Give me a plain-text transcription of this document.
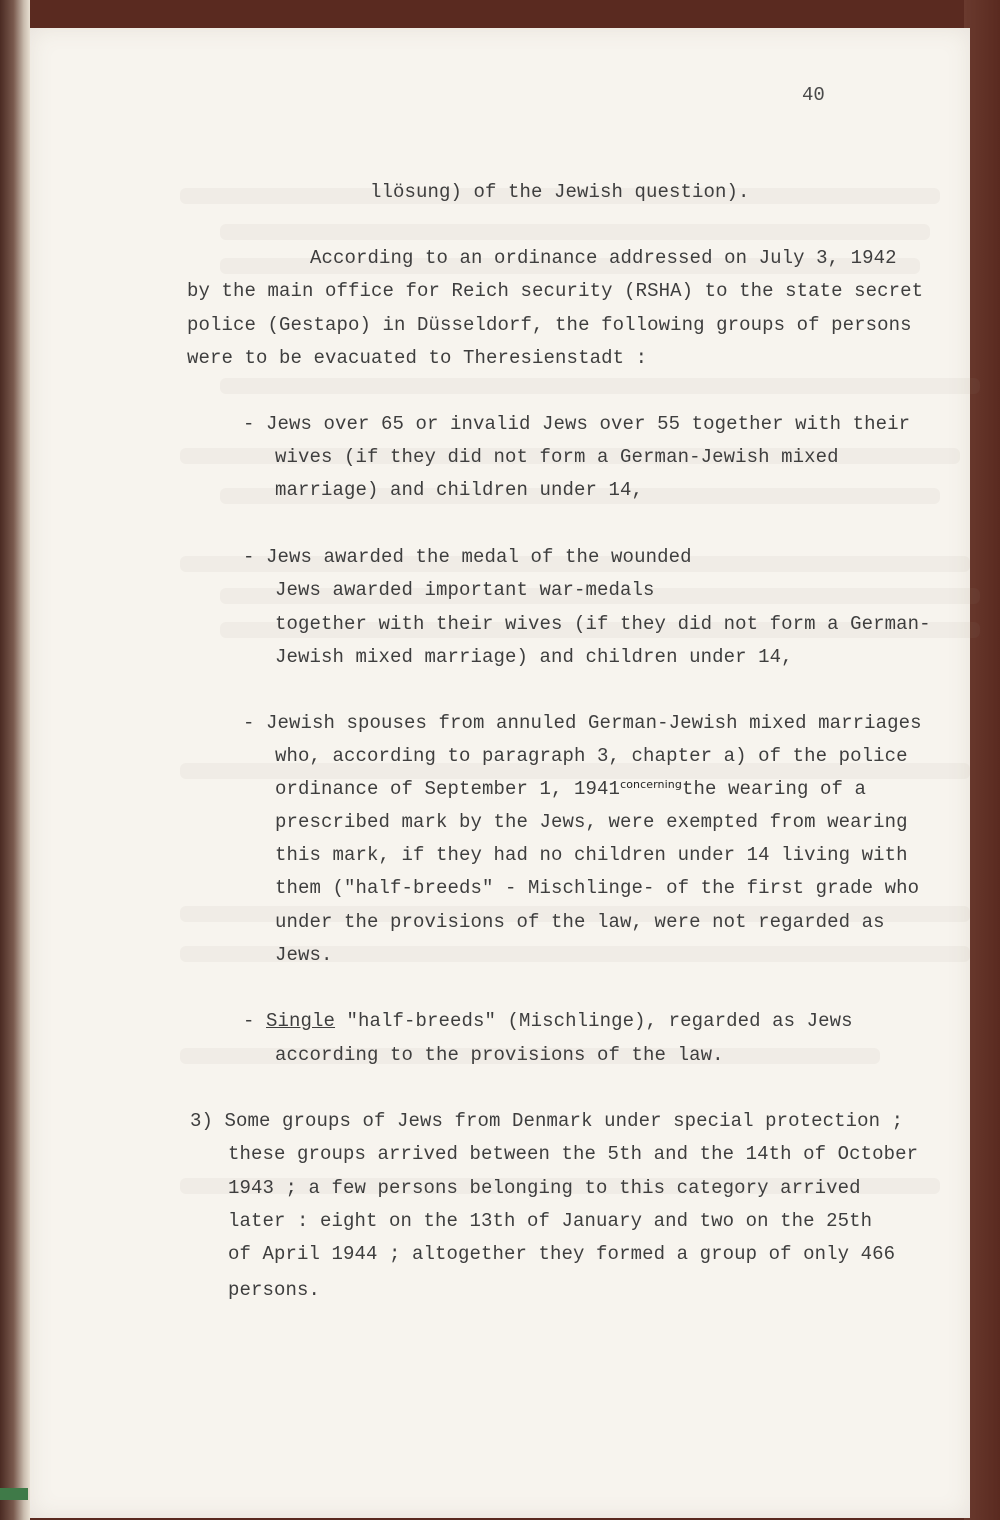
40

llösung) of the Jewish question).

According to an ordinance addressed on July 3, 1942

by the main office for Reich security (RSHA) to the state secret

police (Gestapo) in Düsseldorf, the following groups of persons

were to be evacuated to Theresienstadt :

- Jews over 65 or invalid Jews over 55 together with their

wives (if they did not form a German-Jewish mixed

marriage) and children under 14,

- Jews awarded the medal of the wounded

Jews awarded important war-medals

together with their wives (if they did not form a German-

Jewish mixed marriage) and children under 14,

- Jewish spouses from annuled German-Jewish mixed marriages

who, according to paragraph 3, chapter a) of the police

ordinance of September 1, $1941^{concerning}the$ wearing of a

prescribed mark by the Jews, were exempted from wearing

this mark, if they had no children under 14 living with

them ("half-breeds" - Mischlinge- of the first grade who

under the provisions of the law, were not regarded as

Jews.

- Single "half-breeds" (Mischlinge), regarded as Jews

according to the provisions of the law.

3) Some groups of Jews from Denmark under special protection ;

these groups arrived between the 5th and the 14th of October

1943 ; a few persons belonging to this category arrived

later : eight on the 13th of January and two on the 25th

of April 1944 ; altogether they formed a group of only 466

persons.
